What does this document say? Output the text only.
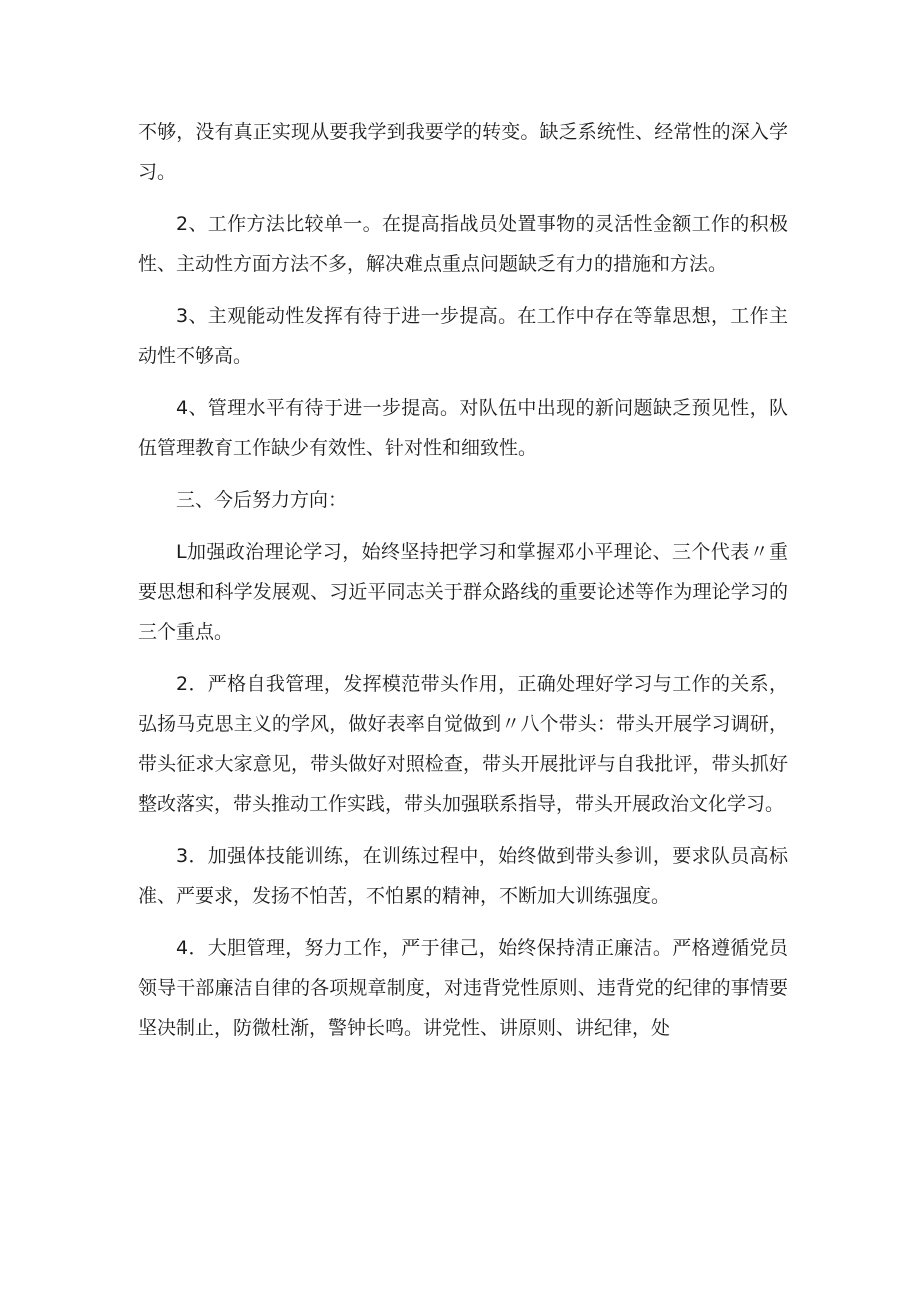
不够，没有真正实现从要我学到我要学的转变。缺乏系统性、经常性的深入学习。

2、工作方法比较单一。在提高指战员处置事物的灵活性金额工作的积极性、主动性方面方法不多，解决难点重点问题缺乏有力的措施和方法。

3、主观能动性发挥有待于进一步提高。在工作中存在等靠思想，工作主动性不够高。

4、管理水平有待于进一步提高。对队伍中出现的新问题缺乏预见性，队伍管理教育工作缺少有效性、针对性和细致性。

三、今后努力方向：

L加强政治理论学习，始终坚持把学习和掌握邓小平理论、三个代表〃重要思想和科学发展观、习近平同志关于群众路线的重要论述等作为理论学习的三个重点。

2．严格自我管理，发挥模范带头作用，正确处理好学习与工作的关系，弘扬马克思主义的学风，做好表率自觉做到〃八个带头：带头开展学习调研，带头征求大家意见，带头做好对照检查，带头开展批评与自我批评，带头抓好整改落实，带头推动工作实践，带头加强联系指导，带头开展政治文化学习。

3．加强体技能训练，在训练过程中，始终做到带头参训，要求队员高标准、严要求，发扬不怕苦，不怕累的精神，不断加大训练强度。

4．大胆管理，努力工作，严于律己，始终保持清正廉洁。严格遵循党员领导干部廉洁自律的各项规章制度，对违背党性原则、违背党的纪律的事情要坚决制止，防微杜渐，警钟长鸣。讲党性、讲原则、讲纪律，处
